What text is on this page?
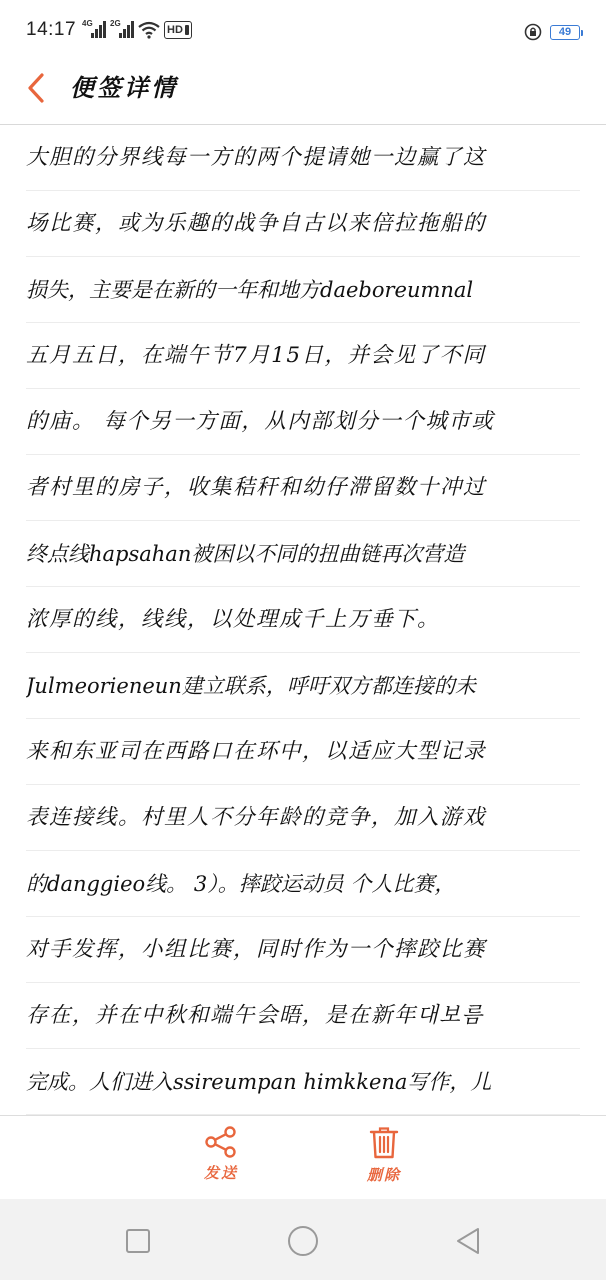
14:17 4G 2G
HD	49
便签详情
大胆的分界线每一方的两个提请她一边赢了这
场比赛，或为乐趣的战争自古以来倍拉拖船的
损失，主要是在新的一年和地方daeboreumnal
五月五日，在端午节7月15日，并会见了不同
的庙。 每个另一方面，从内部划分一个城市或
者村里的房子，收集秸秆和幼仔滞留数十冲过
终点线hapsahan被困以不同的扭曲链再次营造
浓厚的线，线线，以处理成千上万垂下。
Julmeorieneun建立联系，呼吁双方都连接的未
来和东亚司在西路口在环中，以适应大型记录
表连接线。村里人不分年龄的竞争，加入游戏
的danggieo线。 3）。摔跤运动员 个人比赛，
对手发挥，小组比赛，同时作为一个摔跤比赛
存在，并在中秋和端午会晤，是在新年대보름
完成。人们进入ssireumpan himkkena写作，儿
发送	删除
